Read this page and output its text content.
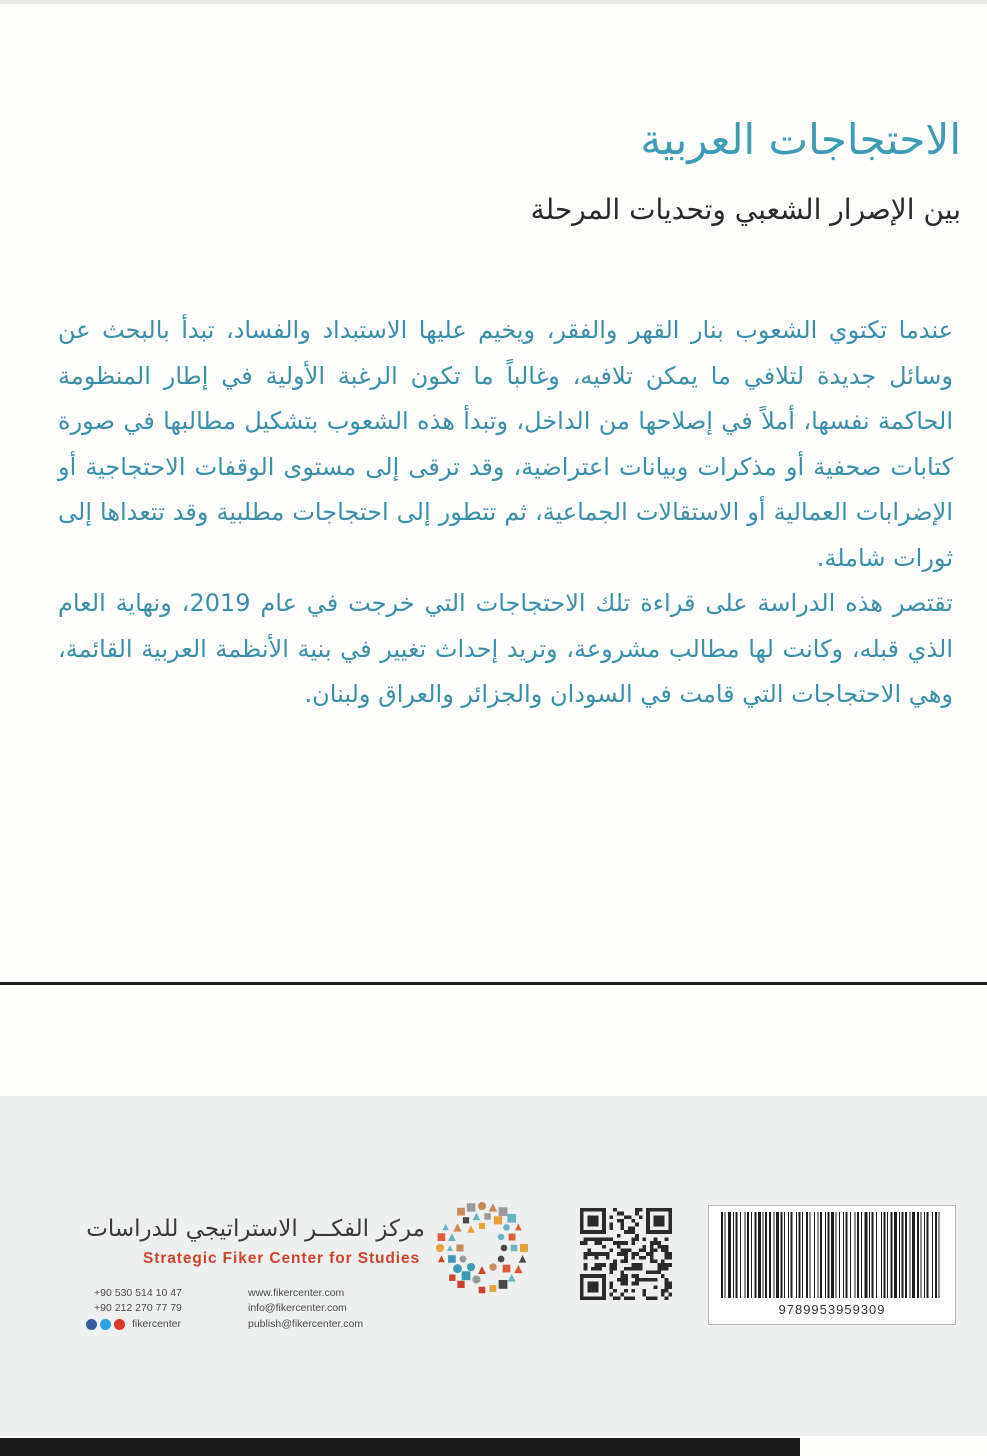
الاحتجاجات العربية
بين الإصرار الشعبي وتحديات المرحلة

عندما تكتوي الشعوب بنار القهر والفقر، ويخيم عليها الاستبداد والفساد، تبدأ بالبحث عن وسائل جديدة لتلافي ما يمكن تلافيه، وغالباً ما تكون الرغبة الأولية في إطار المنظومة الحاكمة نفسها، أملاً في إصلاحها من الداخل، وتبدأ هذه الشعوب بتشكيل مطالبها في صورة كتابات صحفية أو مذكرات وبيانات اعتراضية، وقد ترقى إلى مستوى الوقفات الاحتجاجية أو الإضرابات العمالية أو الاستقالات الجماعية، ثم تتطور إلى احتجاجات مطلبية وقد تتعداها إلى ثورات شاملة.

تقتصر هذه الدراسة على قراءة تلك الاحتجاجات التي خرجت في عام 2019، ونهاية العام الذي قبله، وكانت لها مطالب مشروعة، وتريد إحداث تغيير في بنية الأنظمة العربية القائمة، وهي الاحتجاجات التي قامت في السودان والجزائر والعراق ولبنان.

مركز الفكــر الاستراتيجي للدراسات
Strategic Fiker Center for Studies
+90 530 514 10 47
+90 212 270 77 79
fikercenter
www.fikercenter.com
info@fikercenter.com
publish@fikercenter.com
9789953959309
